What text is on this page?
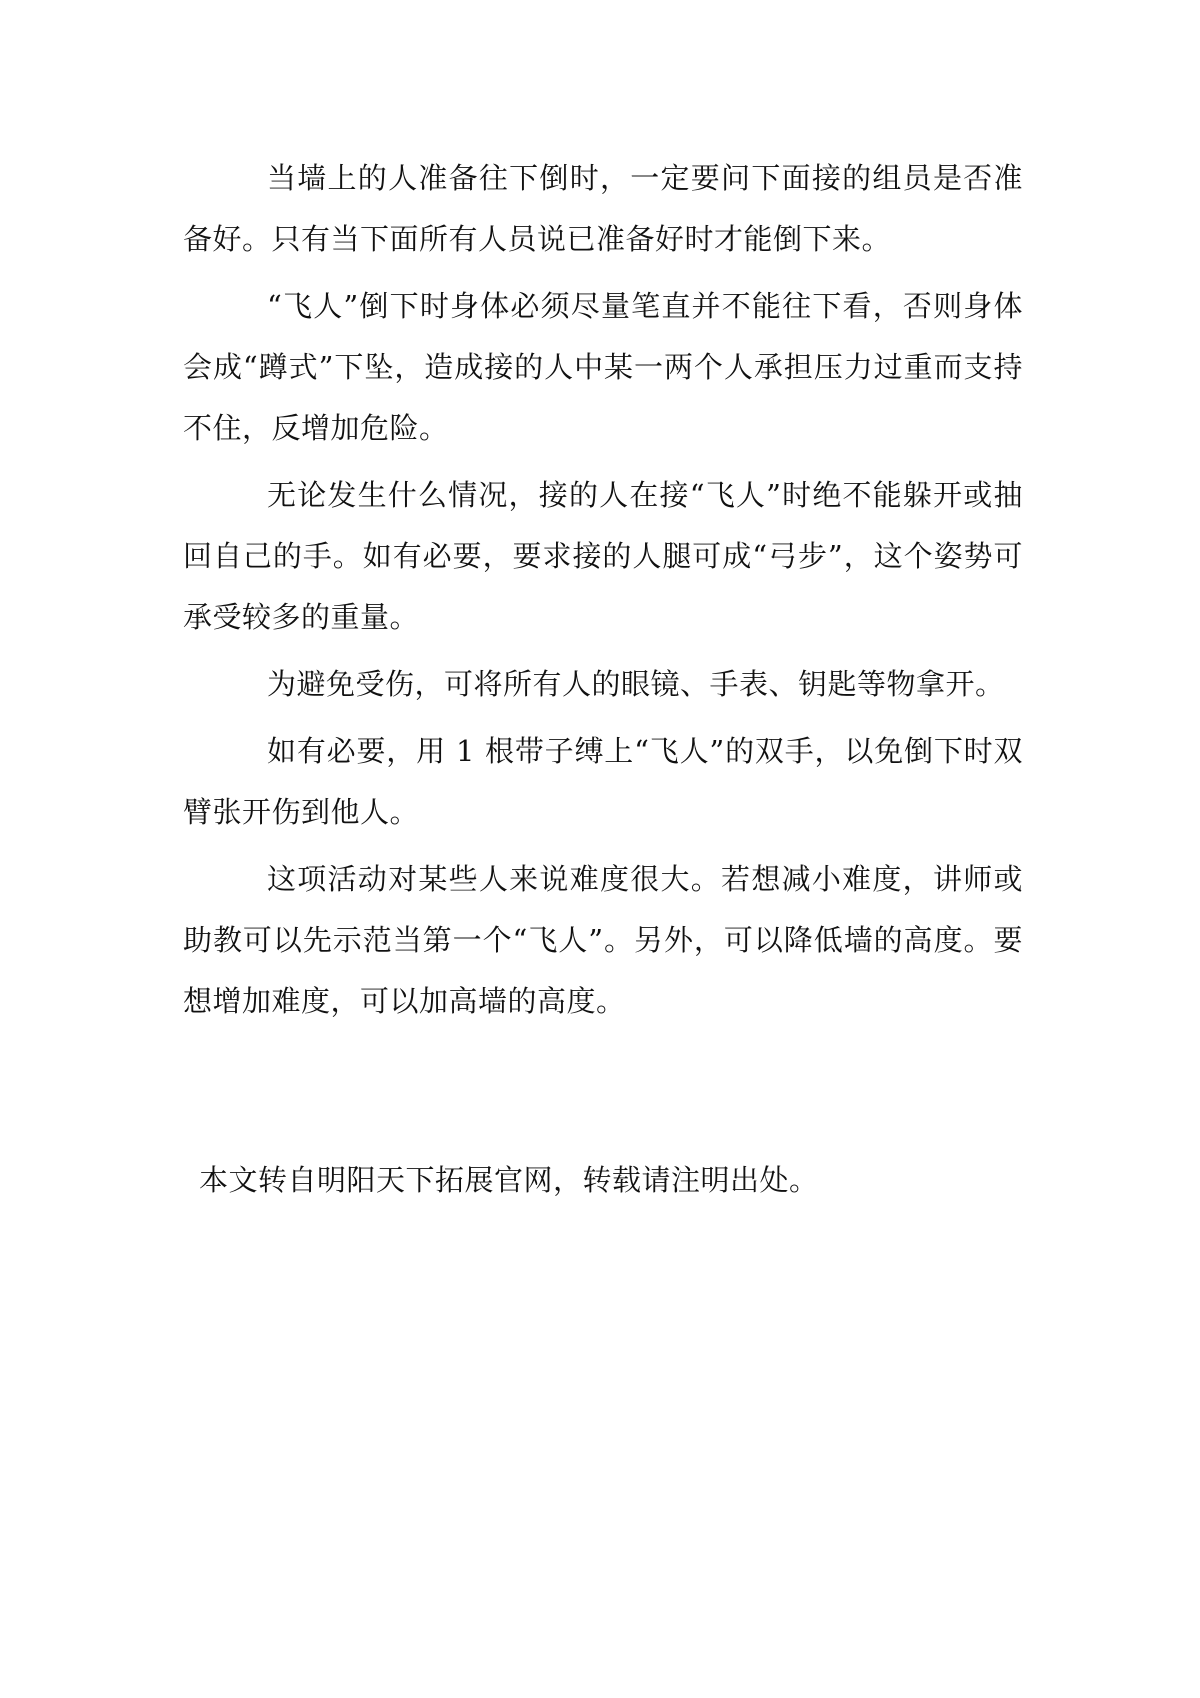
当墙上的人准备往下倒时，一定要问下面接的组员是否准备好。只有当下面所有人员说已准备好时才能倒下来。

“飞人”倒下时身体必须尽量笔直并不能往下看，否则身体会成“蹲式”下坠，造成接的人中某一两个人承担压力过重而支持不住，反增加危险。

无论发生什么情况，接的人在接“飞人”时绝不能躲开或抽回自己的手。如有必要，要求接的人腿可成“弓步”，这个姿势可承受较多的重量。

为避免受伤，可将所有人的眼镜、手表、钥匙等物拿开。

如有必要，用 1 根带子缚上“飞人”的双手，以免倒下时双臂张开伤到他人。

这项活动对某些人来说难度很大。若想减小难度，讲师或助教可以先示范当第一个“飞人”。另外，可以降低墙的高度。要想增加难度，可以加高墙的高度。

本文转自明阳天下拓展官网，转载请注明出处。
